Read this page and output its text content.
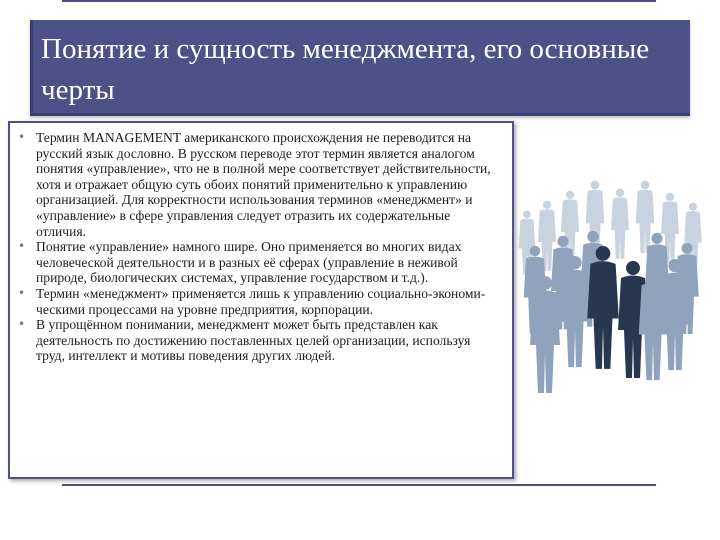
Понятие и сущность менеджмента, его основные черты
• Термин MANAGEMENT американского происхождения не переводится на русский язык дословно. В русском переводе этот термин является аналогом понятия «управление», что не в полной мере соответствует действительности, хотя и отражает общую суть обоих понятий применительно к управлению организацией. Для корректности использования терминов «менеджмент» и «управление» в сфере управления следует отразить их содержательные отличия.
• Понятие «управление» намного шире. Оно применяется во многих видах человеческой деятельности и в разных её сферах (управление в неживой природе, биологических системах, управление государством и т.д.).
• Термин «менеджмент» применяется лишь к управлению социально-экономи-ческими процессами на уровне предприятия, корпорации.
• В упрощённом понимании, менеджмент может быть представлен как деятельность по достижению поставленных целей организации, используя труд, интеллект и мотивы поведения других людей.
